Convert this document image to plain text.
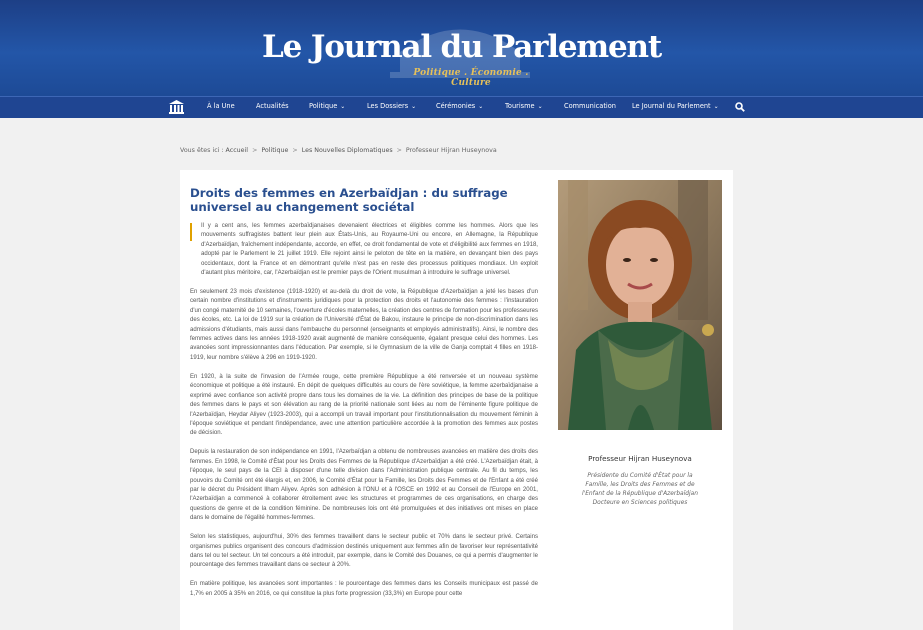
Le Journal du Parlement
Politique . Économie . Culture
À la Une	Actualités	Politique ⌄	Les Dossiers ⌄	Cérémonies ⌄	Tourisme ⌄	Communication Le Journal du Parlement ⌄
Vous êtes ici : Accueil > Politique > Les Nouvelles Diplomatiques > Professeur Hijran Huseynova
Droits des femmes en Azerbaïdjan : du suffrage universel au changement sociétal

Il y a cent ans, les femmes azerbaïdjanaises devenaient électrices et éligibles comme les hommes. Alors que les mouvements suffragistes battent leur plein aux États-Unis, au Royaume-Uni ou encore, en Allemagne, la République d'Azerbaïdjan, fraîchement indépendante, accorde, en effet, ce droit fondamental de vote et d'éligibilité aux femmes en 1918, adopté par le Parlement le 21 juillet 1919. Elle rejoint ainsi le peloton de tête en la matière, en devançant bien des pays occidentaux, dont la France et en démontrant qu'elle n'est pas en reste des processus politiques mondiaux. Un exploit d'autant plus méritoire, car, l'Azerbaïdjan est le premier pays de l'Orient musulman à introduire le suffrage universel.

En seulement 23 mois d'existence (1918-1920) et au-delà du droit de vote, la République d'Azerbaïdjan a jeté les bases d'un certain nombre d'institutions et d'instruments juridiques pour la protection des droits et l'autonomie des femmes : l'instauration d'un congé maternité de 10 semaines, l'ouverture d'écoles maternelles, la création des centres de formation pour les professeures des écoles, etc. La loi de 1919 sur la création de l'Université d'État de Bakou, instaure le principe de non-discrimination dans les admissions d'étudiants, mais aussi dans l'embauche du personnel (enseignants et employés administratifs). Ainsi, le nombre des femmes actives dans les années 1918-1920 avait augmenté de manière conséquente, égalant presque celui des hommes. Les avancées sont impressionnantes dans l'éducation. Par exemple, si le Gymnasium de la ville de Ganja comptait 4 filles en 1918-1919, leur nombre s'élève à 296 en 1919-1920.

En 1920, à la suite de l'invasion de l'Armée rouge, cette première République a été renversée et un nouveau système économique et politique a été instauré. En dépit de quelques difficultés au cours de l'ère soviétique, la femme azerbaïdjanaise a exprimé avec confiance son activité propre dans tous les domaines de la vie. La définition des principes de base de la politique des femmes dans le pays et son élévation au rang de la priorité nationale sont liées au nom de l'éminente figure politique de l'Azerbaïdjan, Heydar Aliyev (1923-2003), qui a accompli un travail important pour l'institutionnalisation du mouvement féminin à l'époque soviétique et pendant l'indépendance, avec une attention particulière accordée à la promotion des femmes aux postes de décision.

Depuis la restauration de son indépendance en 1991, l'Azerbaïdjan a obtenu de nombreuses avancées en matière des droits des femmes. En 1998, le Comité d'État pour les Droits des Femmes de la République d'Azerbaïdjan a été créé. L'Azerbaïdjan était, à l'époque, le seul pays de la CEI à disposer d'une telle division dans l'Administration publique centrale. Au fil du temps, les pouvoirs du Comité ont été élargis et, en 2006, le Comité d'État pour la Famille, les Droits des Femmes et de l'Enfant a été créé par le décret du Président Ilham Aliyev. Après son adhésion à l'ONU et à l'OSCE en 1992 et au Conseil de l'Europe en 2001, l'Azerbaïdjan a commencé à collaborer étroitement avec les structures et programmes de ces organisations, en charge des questions de genre et de la condition féminine. De nombreuses lois ont été promulguées et des initiatives ont mises en place dans le domaine de l'égalité hommes-femmes.

Selon les statistiques, aujourd'hui, 30% des femmes travaillent dans le secteur public et 70% dans le secteur privé. Certains organismes publics organisent des concours d'admission destinés uniquement aux femmes afin de favoriser leur représentativité dans tel ou tel secteur. Un tel concours a été introduit, par exemple, dans le Comité des Douanes, ce qui a permis d'augmenter le pourcentage des femmes travaillant dans ce secteur à 20%.

En matière politique, les avancées sont importantes : le pourcentage des femmes dans les Conseils municipaux est passé de 1,7% en 2005 à 35% en 2016, ce qui constitue la plus forte progression (33,3%) en Europe pour cette

Professeur Hijran Huseynova
Présidente du Comité d'État pour la Famille, les Droits des Femmes et de l'Enfant de la République d'Azerbaïdjan Docteure en Sciences politiques
